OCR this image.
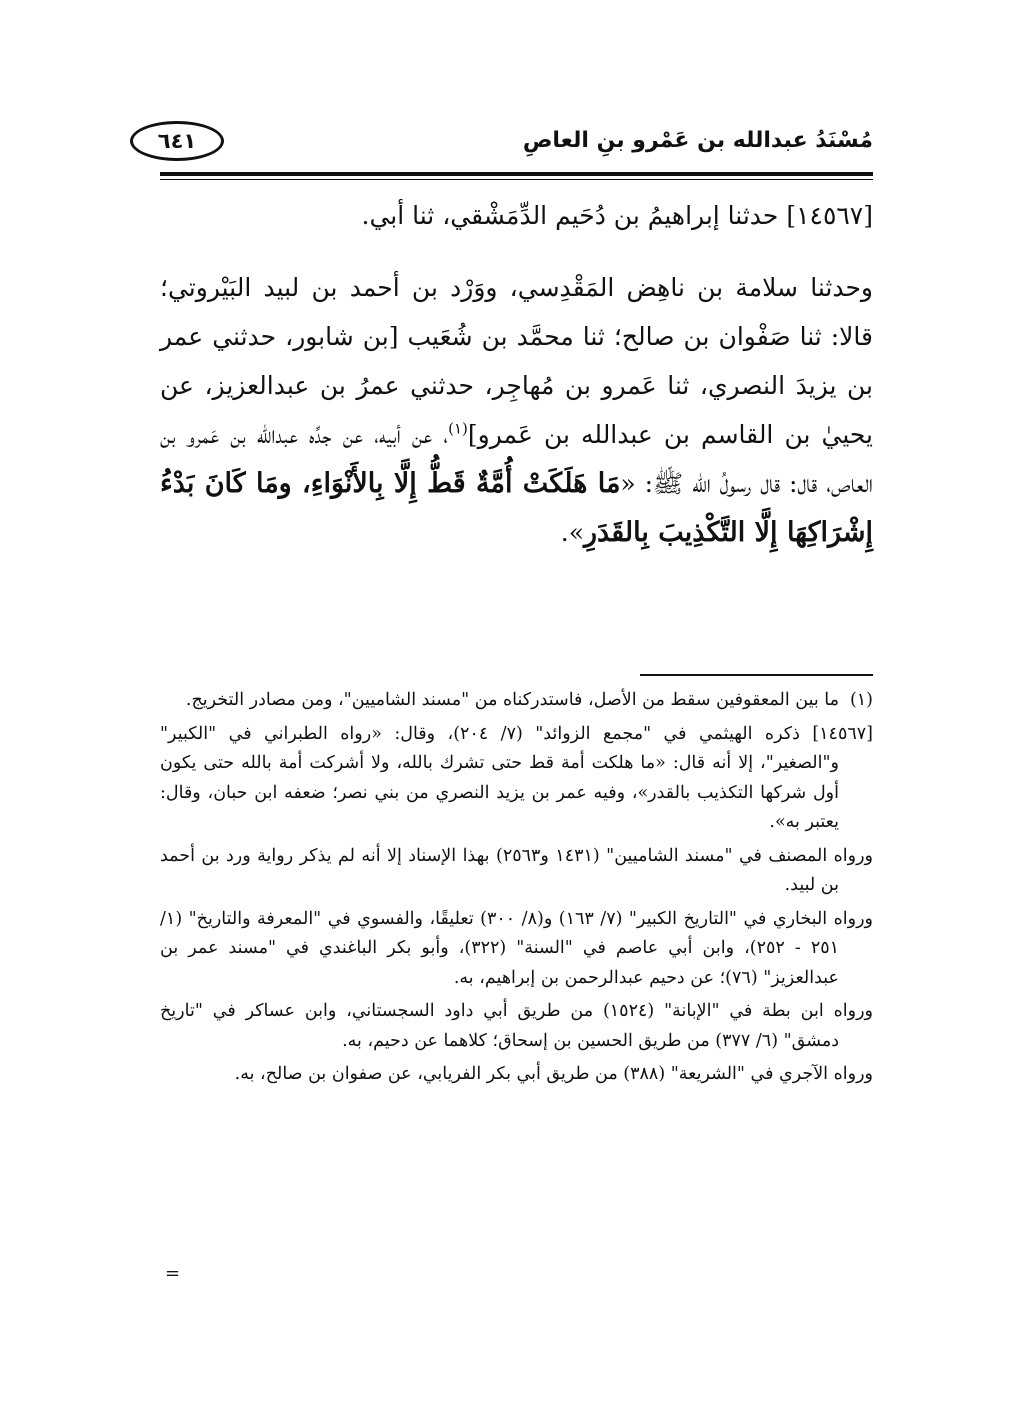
مُسْنَدُ عبدالله بن عَمْرو بنِ العاصِ
٦٤١

[١٤٥٦٧] حدثنا إبراهيمُ بن دُحَيم الدِّمَشْقي، ثنا أبي.

وحدثنا سلامة بن ناهِض المَقْدِسي، ووَرْد بن أحمد بن لبيد البَيْروتي؛ قالا: ثنا صَفْوان بن صالح؛ ثنا محمَّد بن شُعَيب [بن شابور، حدثني عمر بن يزيدَ النصري، ثنا عَمرو بن مُهاجِر، حدثني عمرُ بن عبدالعزيز، عن يحييٰ بن القاسم بن عبدالله بن عَمرو]$^{(١)}$، عن أبيه، عن جدِّه عبدالله بن عَمرو بن العاص، قال: قال رسولُ الله ﷺ: «مَا هَلَكَتْ أُمَّةٌ قَطُّ إِلَّا بِالأَنْوَاءِ، ومَا كَانَ بَدْءُ إِشْرَاكِهَا إِلَّا التَّكْذِيبَ بِالقَدَرِ».

(١)ما بين المعقوفين سقط من الأصل، فاستدركناه من "مسند الشاميين"، ومن مصادر التخريج.

[١٤٥٦٧] ذكره الهيثمي في "مجمع الزوائد" (٧/ ٢٠٤)، وقال: «رواه الطبراني في "الكبير" و"الصغير"، إلا أنه قال: «ما هلكت أمة قط حتى تشرك بالله، ولا أشركت أمة بالله حتى يكون أول شركها التكذيب بالقدر»، وفيه عمر بن يزيد النصري من بني نصر؛ ضعفه ابن حبان، وقال: يعتبر به».

ورواه المصنف في "مسند الشاميين" (١٤٣١ و٢٥٦٣) بهذا الإسناد إلا أنه لم يذكر رواية ورد بن أحمد بن لبيد.

ورواه البخاري في "التاريخ الكبير" (٧/ ١٦٣) و(٨/ ٣٠٠) تعليقًا، والفسوي في "المعرفة والتاريخ" (١/ ٢٥١ - ٢٥٢)، وابن أبي عاصم في "السنة" (٣٢٢)، وأبو بكر الباغندي في "مسند عمر بن عبدالعزيز" (٧٦)؛ عن دحيم عبدالرحمن بن إبراهيم، به.

ورواه ابن بطة في "الإبانة" (١٥٢٤) من طريق أبي داود السجستاني، وابن عساكر في "تاريخ دمشق" (٦/ ٣٧٧) من طريق الحسين بن إسحاق؛ كلاهما عن دحيم، به.

ورواه الآجري في "الشريعة" (٣٨٨) من طريق أبي بكر الفريابي، عن صفوان بن صالح، به.

=
